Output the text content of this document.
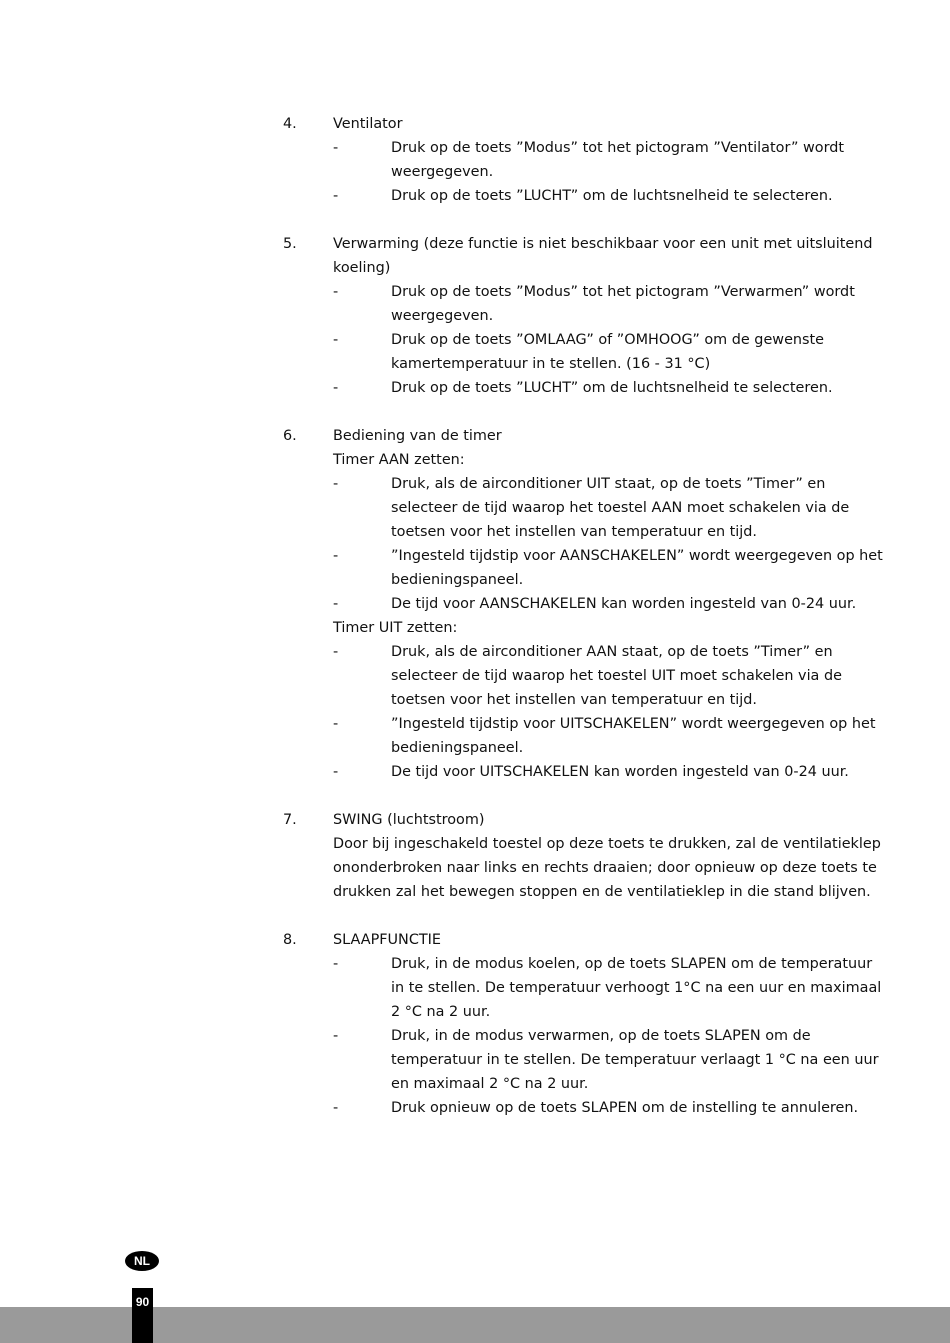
4.	Ventilator
-	Druk op de toets ”Modus” tot het pictogram ”Ventilator” wordt weergegeven.
-	Druk op de toets ”LUCHT” om de luchtsnelheid te selecteren.
5.	Verwarming (deze functie is niet beschikbaar voor een unit met uitsluitend koeling)
-	Druk op de toets ”Modus” tot het pictogram ”Verwarmen” wordt weergegeven.
-	Druk op de toets ”OMLAAG” of ”OMHOOG” om de gewenste kamertemperatuur in te stellen. (16 - 31 °C)
-	Druk op de toets ”LUCHT” om de luchtsnelheid te selecteren.
6.	Bediening van de timer
Timer AAN zetten:
-	Druk, als de airconditioner UIT staat, op de toets ”Timer” en selecteer de tijd waarop het toestel AAN moet schakelen via de toetsen voor het instellen van temperatuur en tijd.
-	”Ingesteld tijdstip voor AANSCHAKELEN” wordt weergegeven op het bedieningspaneel.
-	De tijd voor AANSCHAKELEN kan worden ingesteld van 0-24 uur.
Timer UIT zetten:
-	Druk, als de airconditioner AAN staat, op de toets ”Timer” en selecteer de tijd waarop het toestel UIT moet schakelen via de toetsen voor het instellen van temperatuur en tijd.
-	”Ingesteld tijdstip voor UITSCHAKELEN” wordt weergegeven op het bedieningspaneel.
-	De tijd voor UITSCHAKELEN kan worden ingesteld van 0-24 uur.
7.	SWING (luchtstroom)
Door bij ingeschakeld toestel op deze toets te drukken, zal de ventilatieklep ononderbroken naar links en rechts draaien; door opnieuw op deze toets te drukken zal het bewegen stoppen en de ventilatieklep in die stand blijven.
8.	SLAAPFUNCTIE
-	Druk, in de modus koelen, op de toets SLAPEN om de temperatuur in te stellen. De temperatuur verhoogt 1°C na een uur en maximaal 2 °C na 2 uur.
-	Druk, in de modus verwarmen, op de toets SLAPEN om de temperatuur in te stellen. De temperatuur verlaagt 1 °C na een uur en maximaal 2 °C na 2 uur.
-	Druk opnieuw op de toets SLAPEN om de instelling te annuleren.
NL
90
